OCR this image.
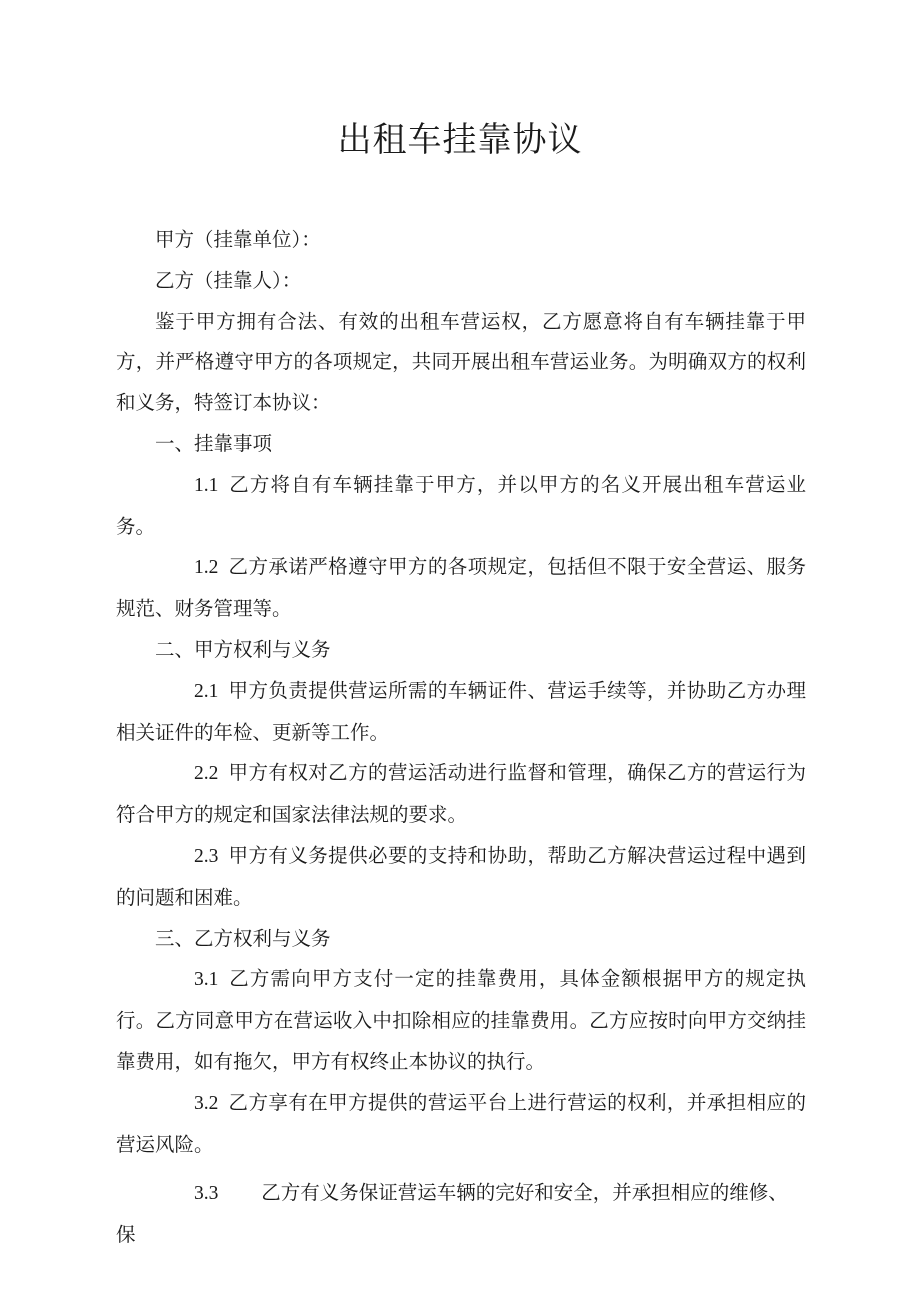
出租车挂靠协议

甲方（挂靠单位）：

乙方（挂靠人）：

鉴于甲方拥有合法、有效的出租车营运权，乙方愿意将自有车辆挂靠于甲方，并严格遵守甲方的各项规定，共同开展出租车营运业务。为明确双方的权利和义务，特签订本协议：

一、挂靠事项

1.1 乙方将自有车辆挂靠于甲方，并以甲方的名义开展出租车营运业务。

1.2 乙方承诺严格遵守甲方的各项规定，包括但不限于安全营运、服务规范、财务管理等。

二、甲方权利与义务

2.1 甲方负责提供营运所需的车辆证件、营运手续等，并协助乙方办理相关证件的年检、更新等工作。

2.2 甲方有权对乙方的营运活动进行监督和管理，确保乙方的营运行为符合甲方的规定和国家法律法规的要求。

2.3 甲方有义务提供必要的支持和协助，帮助乙方解决营运过程中遇到的问题和困难。

三、乙方权利与义务

3.1 乙方需向甲方支付一定的挂靠费用，具体金额根据甲方的规定执行。乙方同意甲方在营运收入中扣除相应的挂靠费用。乙方应按时向甲方交纳挂靠费用，如有拖欠，甲方有权终止本协议的执行。

3.2 乙方享有在甲方提供的营运平台上进行营运的权利，并承担相应的营运风险。

3.3 乙方有义务保证营运车辆的完好和安全，并承担相应的维修、保
